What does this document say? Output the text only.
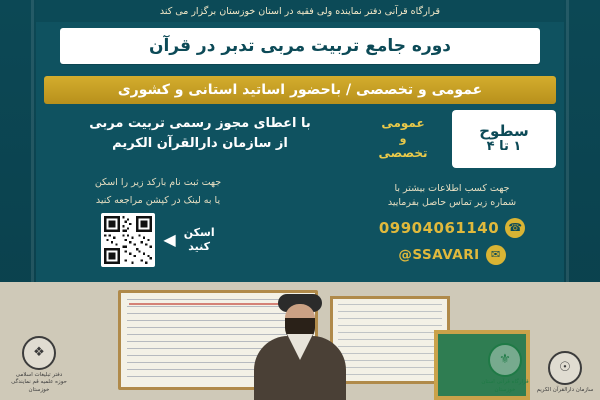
قرارگاه قرآنی دفتر نماینده ولی فقیه در استان خوزستان برگزار می کند
دوره جامع تربیت مربی تدبر در قرآن
عمومی و تخصصی / باحضور اساتید استانی و کشوری
سطوح
۱ تا ۴
عمومی
و
تخصصی
با اعطای مجوز رسمی تربیت مربی
از سازمان دارالقرآن الکریم
جهت کسب اطلاعات بیشتر با
شماره زیر تماس حاصل بفرمایید
☎
09904061140
✉
@SSAVARI
جهت ثبت نام بارکد زیر را اسکن
یا به لینک در کپشن مراجعه کنید
اسکن
کنید
◀
❖
دفتر تبلیغات اسلامی حوزه علمیه قم نمایندگی خوزستان
☉
سازمان دارالقرآن الکریم
⚜
قرارگاه قرآنی استان خوزستان
